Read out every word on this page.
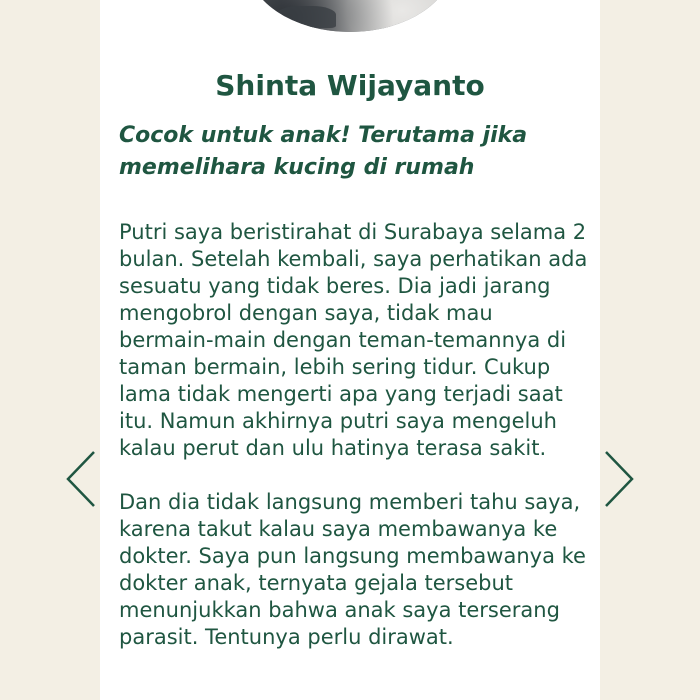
Shinta Wijayanto
Cocok untuk anak! Terutama jika memelihara kucing di rumah

Putri saya beristirahat di Surabaya selama 2 bulan. Setelah kembali, saya perhatikan ada sesuatu yang tidak beres. Dia jadi jarang mengobrol dengan saya, tidak mau bermain-main dengan teman-temannya di taman bermain, lebih sering tidur. Cukup lama tidak mengerti apa yang terjadi saat itu. Namun akhirnya putri saya mengeluh kalau perut dan ulu hatinya terasa sakit.

Dan dia tidak langsung memberi tahu saya, karena takut kalau saya membawanya ke dokter. Saya pun langsung membawanya ke dokter anak, ternyata gejala tersebut menunjukkan bahwa anak saya terserang parasit. Tentunya perlu dirawat.
